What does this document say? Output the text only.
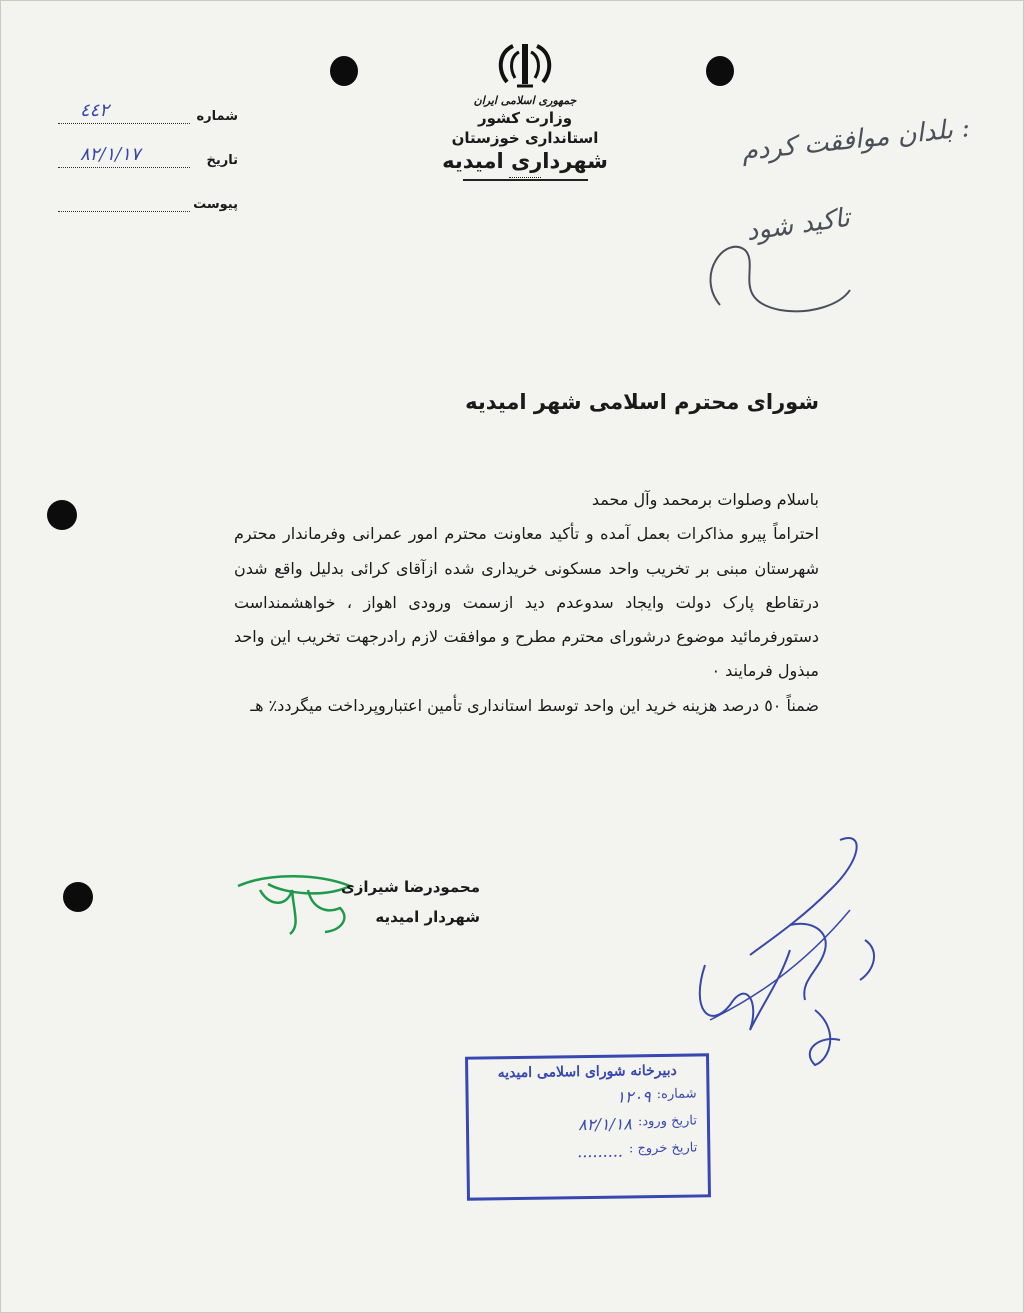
جمهوری اسلامی ایران
وزارت کشور
استانداری خوزستان
شهرداری امیدیه
شماره
٤٤٢
تاریخ
٨٢/١/١٧
پیوست
: بلدان موافقت کردم
تاکید شود
شورای محترم اسلامی شهر امیدیه

باسلام وصلوات برمحمد وآل محمد

احتراماً پیرو مذاکرات بعمل آمده و تأکید معاونت محترم امور عمرانی وفرماندار محترم شهرستان مبنی بر تخریب واحد مسکونی خریداری شده ازآقای کرائی بدلیل واقع شدن درتقاطع پارک دولت وایجاد سدوعدم دید ازسمت ورودی اهواز ، خواهشمنداست دستورفرمائید موضوع درشورای محترم مطرح و موافقت لازم رادرجهت تخریب این واحد مبذول فرمایند ۰

ضمناً ٥٠ درصد هزینه خرید این واحد توسط استانداری تأمین اعتباروپرداخت میگردد٪ هـ

محمودرضا شیرازی
شهردار امیدیه
دبیرخانه شورای اسلامی امیدیه
شماره:
١٢٠٩
تاریخ ورود:
٨٢/١/١٨
تاریخ خروج :
.........
